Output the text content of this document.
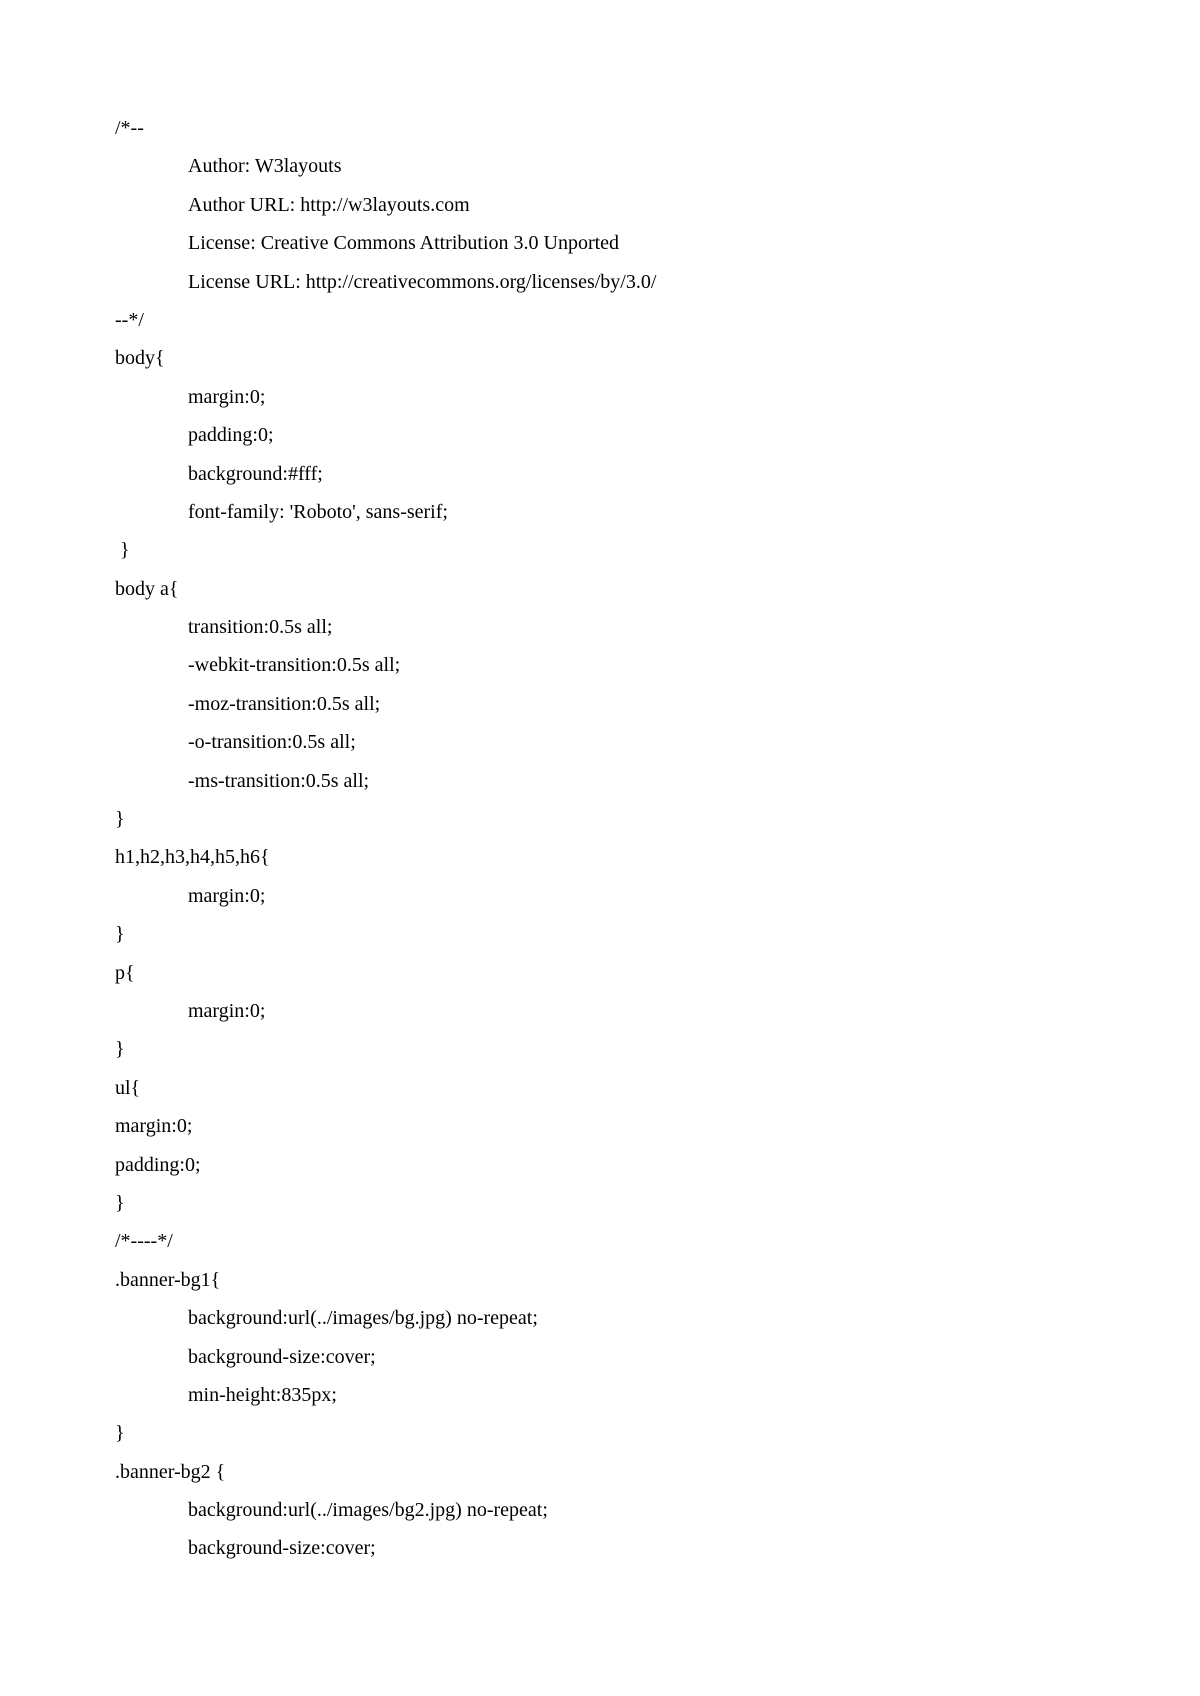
/*--
Author: W3layouts
Author URL: http://w3layouts.com
License: Creative Commons Attribution 3.0 Unported
License URL: http://creativecommons.org/licenses/by/3.0/
--*/
body{
margin:0;
padding:0;
background:#fff;
font-family: 'Roboto', sans-serif;
}
body a{
transition:0.5s all;
-webkit-transition:0.5s all;
-moz-transition:0.5s all;
-o-transition:0.5s all;
-ms-transition:0.5s all;
}
h1,h2,h3,h4,h5,h6{
margin:0;
}
p{
margin:0;
}
ul{
margin:0;
padding:0;
}
/*----*/
.banner-bg1{
background:url(../images/bg.jpg) no-repeat;
background-size:cover;
min-height:835px;
}
.banner-bg2 {
background:url(../images/bg2.jpg) no-repeat;
background-size:cover;
